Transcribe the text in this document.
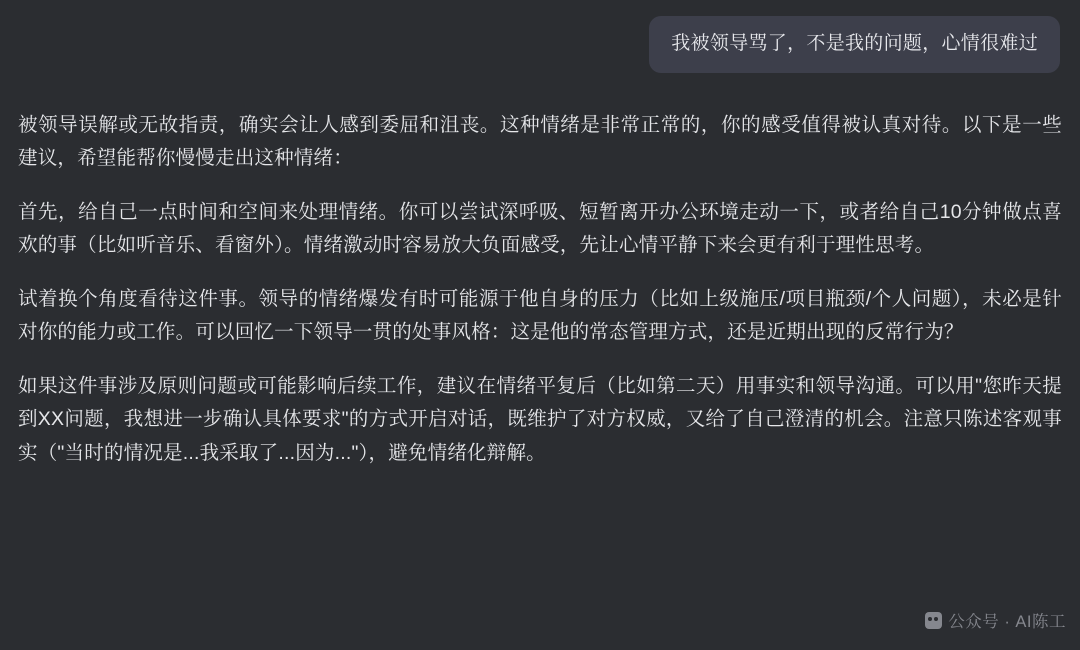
我被领导骂了，不是我的问题，心情很难过

被领导误解或无故指责，确实会让人感到委屈和沮丧。这种情绪是非常正常的，你的感受值得被认真对待。以下是一些建议，希望能帮你慢慢走出这种情绪：

首先，给自己一点时间和空间来处理情绪。你可以尝试深呼吸、短暂离开办公环境走动一下，或者给自己10分钟做点喜欢的事（比如听音乐、看窗外）。情绪激动时容易放大负面感受，先让心情平静下来会更有利于理性思考。

试着换个角度看待这件事。领导的情绪爆发有时可能源于他自身的压力（比如上级施压/项目瓶颈/个人问题），未必是针对你的能力或工作。可以回忆一下领导一贯的处事风格：这是他的常态管理方式，还是近期出现的反常行为？

如果这件事涉及原则问题或可能影响后续工作，建议在情绪平复后（比如第二天）用事实和领导沟通。可以用"您昨天提到XX问题，我想进一步确认具体要求"的方式开启对话，既维护了对方权威，又给了自己澄清的机会。注意只陈述客观事实（"当时的情况是...我采取了...因为..."），避免情绪化辩解。

公众号 · AI陈工
